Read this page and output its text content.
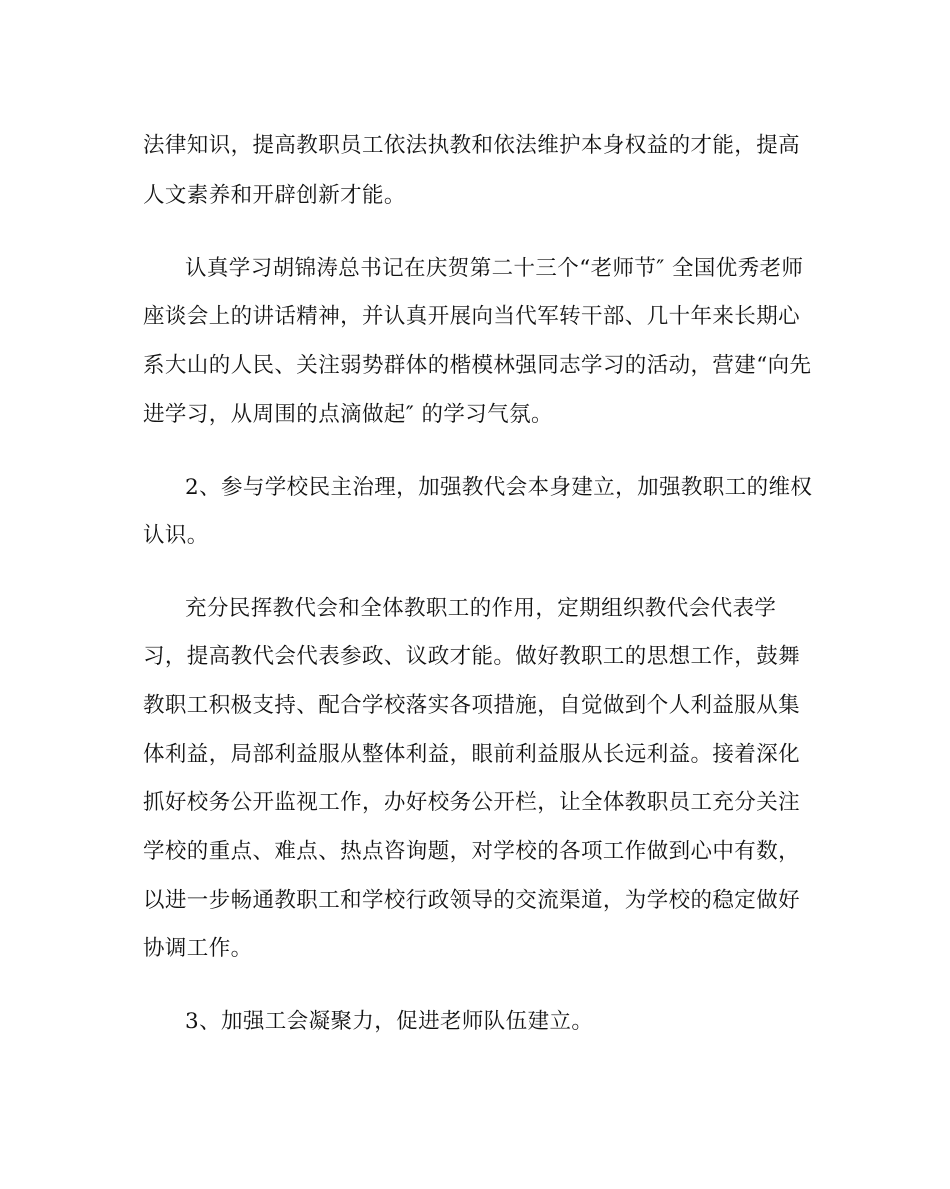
法律知识，提高教职员工依法执教和依法维护本身权益的才能，提高
人文素养和开辟创新才能。
认真学习胡锦涛总书记在庆贺第二十三个“老师节″ 全国优秀老师
座谈会上的讲话精神，并认真开展向当代军转干部、几十年来长期心
系大山的人民、关注弱势群体的楷模林强同志学习的活动，营建“向先
进学习，从周围的点滴做起″ 的学习气氛。
2、参与学校民主治理，加强教代会本身建立，加强教职工的维权
认识。
充分民挥教代会和全体教职工的作用，定期组织教代会代表学
习，提高教代会代表参政、议政才能。做好教职工的思想工作，鼓舞
教职工积极支持、配合学校落实各项措施，自觉做到个人利益服从集
体利益，局部利益服从整体利益，眼前利益服从长远利益。接着深化
抓好校务公开监视工作，办好校务公开栏，让全体教职员工充分关注
学校的重点、难点、热点咨询题，对学校的各项工作做到心中有数，
以进一步畅通教职工和学校行政领导的交流渠道，为学校的稳定做好
协调工作。
3、加强工会凝聚力，促进老师队伍建立。
